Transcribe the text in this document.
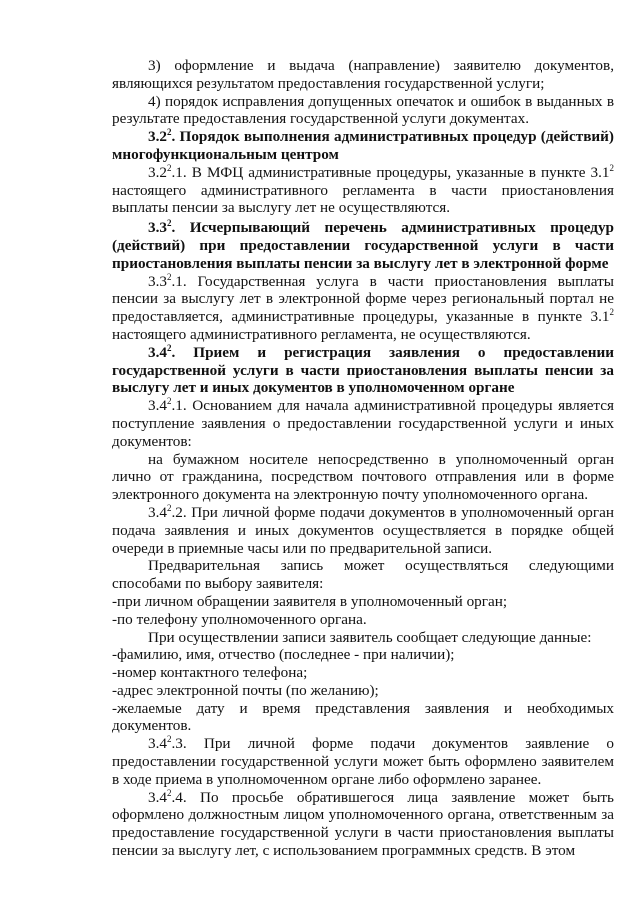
3) оформление и выдача (направление) заявителю документов, являющихся результатом предоставления государственной услуги;

4) порядок исправления допущенных опечаток и ошибок в выданных в результате предоставления государственной услуги документах.

$3.2^2$. Порядок выполнения административных процедур (действий) многофункциональным центром

$3.2^2.1$. В МФЦ административные процедуры, указанные в пункте $3.1^2$ настоящего административного регламента в части приостановления выплаты пенсии за выслугу лет не осуществляются.

$3.3^2$. Исчерпывающий перечень административных процедур (действий) при предоставлении государственной услуги в части приостановления выплаты пенсии за выслугу лет в электронной форме

$3.3^2.1$. Государственная услуга в части приостановления выплаты пенсии за выслугу лет в электронной форме через региональный портал не предоставляется, административные процедуры, указанные в пункте $3.1^2$ настоящего административного регламента, не осуществляются.

$3.4^2$. Прием и регистрация заявления о предоставлении государственной услуги в части приостановления выплаты пенсии за выслугу лет и иных документов в уполномоченном органе

$3.4^2.1$. Основанием для начала административной процедуры является поступление заявления о предоставлении государственной услуги и иных документов:

на бумажном носителе непосредственно в уполномоченный орган лично от гражданина, посредством почтового отправления или в форме электронного документа на электронную почту уполномоченного органа.

$3.4^2.2$. При личной форме подачи документов в уполномоченный орган подача заявления и иных документов осуществляется в порядке общей очереди в приемные часы или по предварительной записи.

Предварительная запись может осуществляться следующими способами по выбору заявителя:

-при личном обращении заявителя в уполномоченный орган;

-по телефону уполномоченного органа.

При осуществлении записи заявитель сообщает следующие данные:

-фамилию, имя, отчество (последнее - при наличии);

-номер контактного телефона;

-адрес электронной почты (по желанию);

-желаемые дату и время представления заявления и необходимых документов.

$3.4^2.3$. При личной форме подачи документов заявление о предоставлении государственной услуги может быть оформлено заявителем в ходе приема в уполномоченном органе либо оформлено заранее.

$3.4^2.4$. По просьбе обратившегося лица заявление может быть оформлено должностным лицом уполномоченного органа, ответственным за предоставление государственной услуги в части приостановления выплаты пенсии за выслугу лет, с использованием программных средств. В этом
